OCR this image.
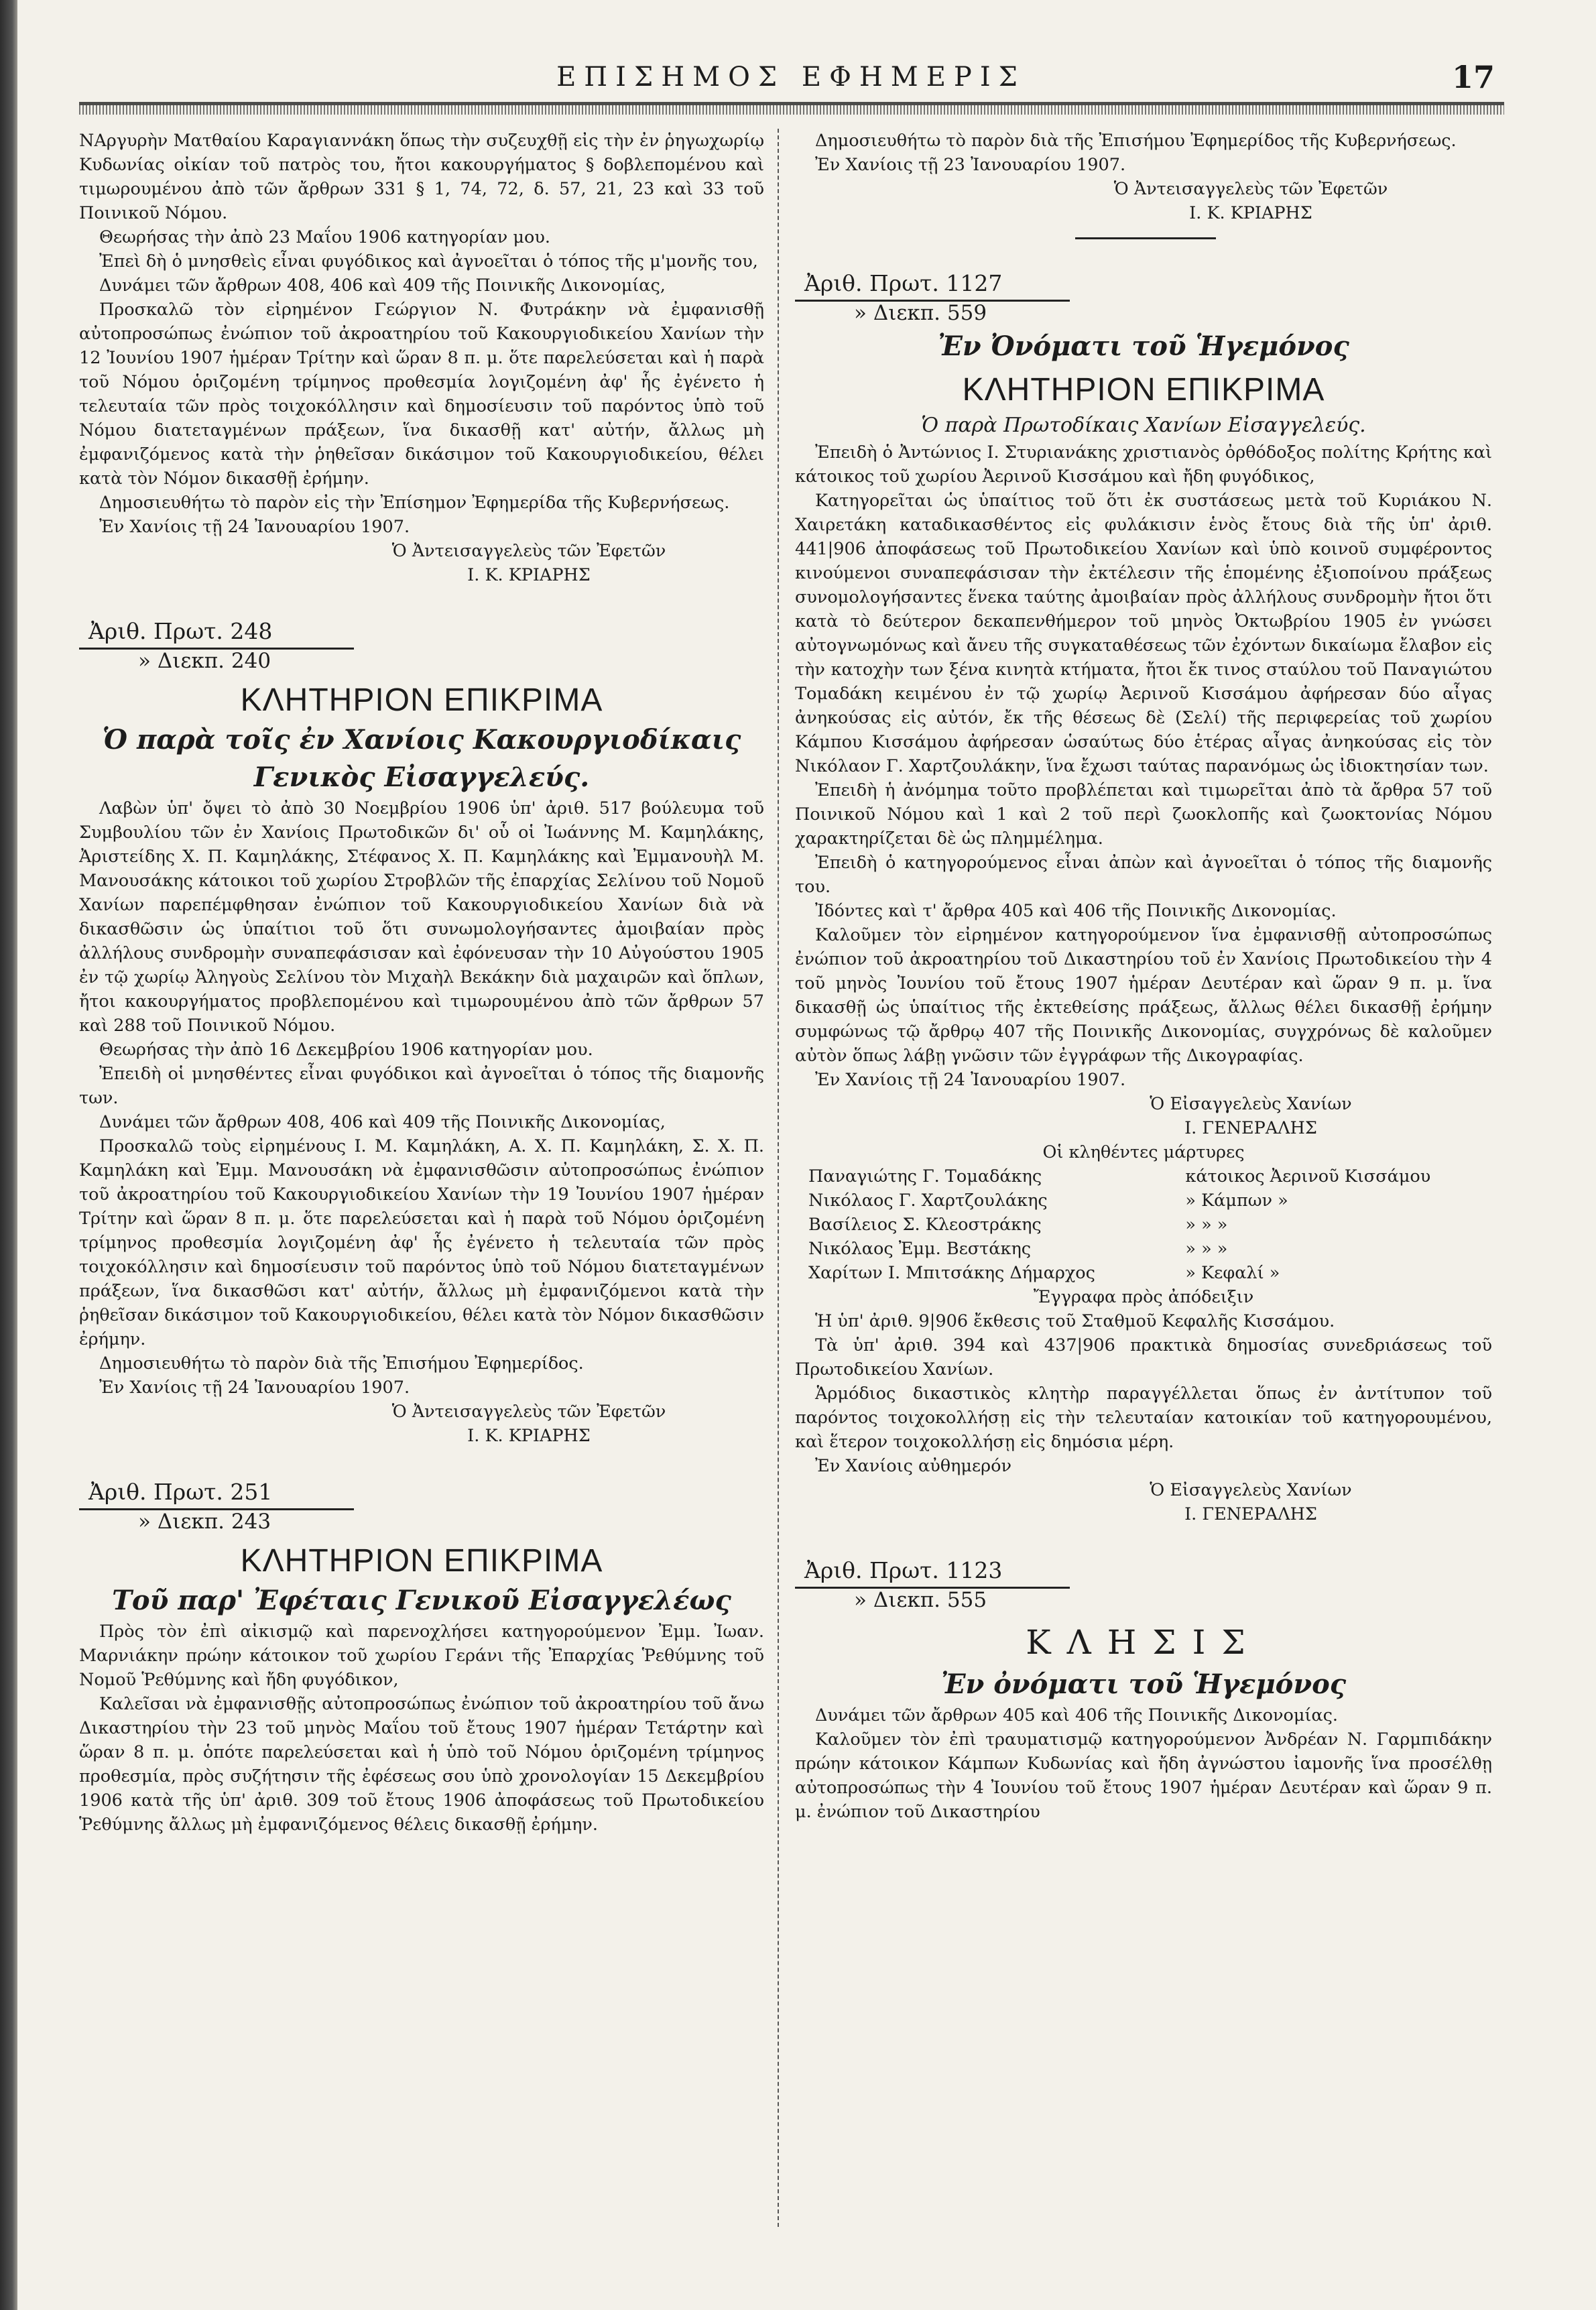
ΕΠΙΣΗΜΟΣ ΕΦΗΜΕΡΙΣ	17

ΝΑργυρὴν Ματθαίου Καραγιαννάκη ὅπως τὴν συζευχθῇ εἰς τὴν ἐν ῥηγωχωρίῳ Κυδωνίας οἰκίαν τοῦ πατρὸς του, ἤτοι κακουργήματος § δοβλεπομένου καὶ τιμωρουμένου ἀπὸ τῶν ἄρθρων 331 § 1, 74, 72, δ. 57, 21, 23 καὶ 33 τοῦ Ποινικοῦ Νόμου.

Θεωρήσας τὴν ἀπὸ 23 Μαΐου 1906 κατηγορίαν μου.

Ἐπεὶ δὴ ὁ μνησθεὶς εἶναι φυγόδικος καὶ ἀγνοεῖται ὁ τόπος τῆς μ'μονῆς του,

Δυνάμει τῶν ἄρθρων 408, 406 καὶ 409 τῆς Ποινικῆς Δικονομίας,

Προσκαλῶ τὸν εἰρημένον Γεώργιον Ν. Φυτράκην νὰ ἐμφανισθῇ αὐτοπροσώπως ἐνώπιον τοῦ ἀκροατηρίου τοῦ Κακουργιοδικείου Χανίων τὴν 12 Ἰουνίου 1907 ἡμέραν Τρίτην καὶ ὥραν 8 π. μ. ὅτε παρελεύσεται καὶ ἡ παρὰ τοῦ Νόμου ὁριζομένη τρίμηνος προθεσμία λογιζομένη ἀφ' ἧς ἐγένετο ἡ τελευταία τῶν πρὸς τοιχοκόλλησιν καὶ δημοσίευσιν τοῦ παρόντος ὑπὸ τοῦ Νόμου διατεταγμένων πράξεων, ἵνα δικασθῇ κατ' αὐτήν, ἄλλως μὴ ἐμφανιζόμενος κατὰ τὴν ῥηθεῖσαν δικάσιμον τοῦ Κακουργιοδικείου, θέλει κατὰ τὸν Νόμον δικασθῇ ἐρήμην.

Δημοσιευθήτω τὸ παρὸν εἰς τὴν Ἐπίσημον Ἐφημερίδα τῆς Κυβερνήσεως.

Ἐν Χανίοις τῇ 24 Ἰανουαρίου 1907.

Ὁ Ἀντεισαγγελεὺς τῶν Ἐφετῶν

Ι. Κ. ΚΡΙΑΡΗΣ

Ἀριθ. Πρωτ. 248
» Διεκπ. 240
ΚΛΗΤΗΡΙΟΝ ΕΠΙΚΡΙΜΑ
Ὁ παρὰ τοῖς ἐν Χανίοις Κακουργιοδίκαις
Γενικὸς Εἰσαγγελεύς.

Λαβὼν ὑπ' ὄψει τὸ ἀπὸ 30 Νοεμβρίου 1906 ὑπ' ἀριθ. 517 βούλευμα τοῦ Συμβουλίου τῶν ἐν Χανίοις Πρωτοδικῶν δι' οὗ οἱ Ἰωάννης Μ. Καμηλάκης, Ἀριστείδης Χ. Π. Καμηλάκης, Στέφανος Χ. Π. Καμηλάκης καὶ Ἐμμανουὴλ Μ. Μανουσάκης κάτοικοι τοῦ χωρίου Στροβλῶν τῆς ἐπαρχίας Σελίνου τοῦ Νομοῦ Χανίων παρεπέμφθησαν ἐνώπιον τοῦ Κακουργιοδικείου Χανίων διὰ νὰ δικασθῶσιν ὡς ὑπαίτιοι τοῦ ὅτι συνωμολογήσαντες ἀμοιβαίαν πρὸς ἀλλήλους συνδρομὴν συναπεφάσισαν καὶ ἐφόνευσαν τὴν 10 Αὐγούστου 1905 ἐν τῷ χωρίῳ Ἀληγοὺς Σελίνου τὸν Μιχαὴλ Βεκάκην διὰ μαχαιρῶν καὶ ὅπλων, ἤτοι κακουργήματος προβλεπομένου καὶ τιμωρουμένου ἀπὸ τῶν ἄρθρων 57 καὶ 288 τοῦ Ποινικοῦ Νόμου.

Θεωρήσας τὴν ἀπὸ 16 Δεκεμβρίου 1906 κατηγορίαν μου.

Ἐπειδὴ οἱ μνησθέντες εἶναι φυγόδικοι καὶ ἀγνοεῖται ὁ τόπος τῆς διαμονῆς των.

Δυνάμει τῶν ἄρθρων 408, 406 καὶ 409 τῆς Ποινικῆς Δικονομίας,

Προσκαλῶ τοὺς εἰρημένους Ι. Μ. Καμηλάκη, Α. Χ. Π. Καμηλάκη, Σ. Χ. Π. Καμηλάκη καὶ Ἐμμ. Μανουσάκη νὰ ἐμφανισθῶσιν αὐτοπροσώπως ἐνώπιον τοῦ ἀκροατηρίου τοῦ Κακουργιοδικείου Χανίων τὴν 19 Ἰουνίου 1907 ἡμέραν Τρίτην καὶ ὥραν 8 π. μ. ὅτε παρελεύσεται καὶ ἡ παρὰ τοῦ Νόμου ὁριζομένη τρίμηνος προθεσμία λογιζομένη ἀφ' ἧς ἐγένετο ἡ τελευταία τῶν πρὸς τοιχοκόλλησιν καὶ δημοσίευσιν τοῦ παρόντος ὑπὸ τοῦ Νόμου διατεταγμένων πράξεων, ἵνα δικασθῶσι κατ' αὐτήν, ἄλλως μὴ ἐμφανιζόμενοι κατὰ τὴν ῥηθεῖσαν δικάσιμον τοῦ Κακουργιοδικείου, θέλει κατὰ τὸν Νόμον δικασθῶσιν ἐρήμην.

Δημοσιευθήτω τὸ παρὸν διὰ τῆς Ἐπισήμου Ἐφημερίδος.

Ἐν Χανίοις τῇ 24 Ἰανουαρίου 1907.

Ὁ Ἀντεισαγγελεὺς τῶν Ἐφετῶν

Ι. Κ. ΚΡΙΑΡΗΣ

Ἀριθ. Πρωτ. 251
» Διεκπ. 243
ΚΛΗΤΗΡΙΟΝ ΕΠΙΚΡΙΜΑ
Τοῦ παρ' Ἐφέταις Γενικοῦ Εἰσαγγελέως

Πρὸς τὸν ἐπὶ αἰκισμῷ καὶ παρενοχλήσει κατηγορούμενον Ἐμμ. Ἰωαν. Μαρνιάκην πρώην κάτοικον τοῦ χωρίου Γεράνι τῆς Ἐπαρχίας Ῥεθύμνης τοῦ Νομοῦ Ῥεθύμνης καὶ ἤδη φυγόδικον,

Καλεῖσαι νὰ ἐμφανισθῇς αὐτοπροσώπως ἐνώπιον τοῦ ἀκροατηρίου τοῦ ἄνω Δικαστηρίου τὴν 23 τοῦ μηνὸς Μαΐου τοῦ ἔτους 1907 ἡμέραν Τετάρτην καὶ ὥραν 8 π. μ. ὁπότε παρελεύσεται καὶ ἡ ὑπὸ τοῦ Νόμου ὁριζομένη τρίμηνος προθεσμία, πρὸς συζήτησιν τῆς ἐφέσεως σου ὑπὸ χρονολογίαν 15 Δεκεμβρίου 1906 κατὰ τῆς ὑπ' ἀριθ. 309 τοῦ ἔτους 1906 ἀποφάσεως τοῦ Πρωτοδικείου Ῥεθύμνης ἄλλως μὴ ἐμφανιζόμενος θέλεις δικασθῇ ἐρήμην.

Δημοσιευθήτω τὸ παρὸν διὰ τῆς Ἐπισήμου Ἐφημερίδος τῆς Κυβερνήσεως.

Ἐν Χανίοις τῇ 23 Ἰανουαρίου 1907.

Ὁ Ἀντεισαγγελεὺς τῶν Ἐφετῶν

Ι. Κ. ΚΡΙΑΡΗΣ

Ἀριθ. Πρωτ. 1127
» Διεκπ. 559
Ἐν Ὀνόματι τοῦ Ἡγεμόνος
ΚΛΗΤΗΡΙΟΝ ΕΠΙΚΡΙΜΑ
Ὁ παρὰ Πρωτοδίκαις Χανίων Εἰσαγγελεύς.

Ἐπειδὴ ὁ Ἀντώνιος Ι. Στυριανάκης χριστιανὸς ὀρθόδοξος πολίτης Κρήτης καὶ κάτοικος τοῦ χωρίου Ἀερινοῦ Κισσάμου καὶ ἤδη φυγόδικος,

Κατηγορεῖται ὡς ὑπαίτιος τοῦ ὅτι ἐκ συστάσεως μετὰ τοῦ Κυριάκου Ν. Χαιρετάκη καταδικασθέντος εἰς φυλάκισιν ἑνὸς ἔτους διὰ τῆς ὑπ' ἀριθ. 441|906 ἀποφάσεως τοῦ Πρωτοδικείου Χανίων καὶ ὑπὸ κοινοῦ συμφέροντος κινούμενοι συναπεφάσισαν τὴν ἐκτέλεσιν τῆς ἑπομένης ἐξιοποίνου πράξεως συνομολογήσαντες ἕνεκα ταύτης ἀμοιβαίαν πρὸς ἀλλήλους συνδρομὴν ἤτοι ὅτι κατὰ τὸ δεύτερον δεκαπενθήμερον τοῦ μηνὸς Ὀκτωβρίου 1905 ἐν γνώσει αὐτογνωμόνως καὶ ἄνευ τῆς συγκαταθέσεως τῶν ἐχόντων δικαίωμα ἔλαβον εἰς τὴν κατοχὴν των ξένα κινητὰ κτήματα, ἤτοι ἔκ τινος σταύλου τοῦ Παναγιώτου Τομαδάκη κειμένου ἐν τῷ χωρίῳ Ἀερινοῦ Κισσάμου ἀφήρεσαν δύο αἶγας ἀνηκούσας εἰς αὐτόν, ἔκ τῆς θέσεως δὲ (Σελί) τῆς περιφερείας τοῦ χωρίου Κάμπου Κισσάμου ἀφήρεσαν ὡσαύτως δύο ἑτέρας αἶγας ἀνηκούσας εἰς τὸν Νικόλαον Γ. Χαρτζουλάκην, ἵνα ἔχωσι ταύτας παρανόμως ὡς ἰδιοκτησίαν των.

Ἐπειδὴ ἡ ἀνόμημα τοῦτο προβλέπεται καὶ τιμωρεῖται ἀπὸ τὰ ἄρθρα 57 τοῦ Ποινικοῦ Νόμου καὶ 1 καὶ 2 τοῦ περὶ ζωοκλοπῆς καὶ ζωοκτονίας Νόμου χαρακτηρίζεται δὲ ὡς πλημμέλημα.

Ἐπειδὴ ὁ κατηγορούμενος εἶναι ἀπὼν καὶ ἀγνοεῖται ὁ τόπος τῆς διαμονῆς του.

Ἰδόντες καὶ τ' ἄρθρα 405 καὶ 406 τῆς Ποινικῆς Δικονομίας.

Καλοῦμεν τὸν εἰρημένον κατηγορούμενον ἵνα ἐμφανισθῇ αὐτοπροσώπως ἐνώπιον τοῦ ἀκροατηρίου τοῦ Δικαστηρίου τοῦ ἐν Χανίοις Πρωτοδικείου τὴν 4 τοῦ μηνὸς Ἰουνίου τοῦ ἔτους 1907 ἡμέραν Δευτέραν καὶ ὥραν 9 π. μ. ἵνα δικασθῇ ὡς ὑπαίτιος τῆς ἐκτεθείσης πράξεως, ἄλλως θέλει δικασθῇ ἐρήμην συμφώνως τῷ ἄρθρῳ 407 τῆς Ποινικῆς Δικονομίας, συγχρόνως δὲ καλοῦμεν αὐτὸν ὅπως λάβῃ γνῶσιν τῶν ἐγγράφων τῆς Δικογραφίας.

Ἐν Χανίοις τῇ 24 Ἰανουαρίου 1907.

Ὁ Εἰσαγγελεὺς Χανίων

Ι. ΓΕΝΕΡΑΛΗΣ

Οἱ κληθέντες μάρτυρες

Παναγιώτης Γ. Τομαδάκης	κάτοικος Ἀερινοῦ Κισσάμου
Νικόλαος Γ. Χαρτζουλάκης	» Κάμπων »
Βασίλειος Σ. Κλεοστράκης	» » »
Νικόλαος Ἐμμ. Βεστάκης	» » »
Χαρίτων Ι. Μπιτσάκης Δήμαρχος	» Κεφαλί »

Ἔγγραφα πρὸς ἀπόδειξιν

Ἡ ὑπ' ἀριθ. 9|906 ἔκθεσις τοῦ Σταθμοῦ Κεφαλῆς Κισσάμου.

Τὰ ὑπ' ἀριθ. 394 καὶ 437|906 πρακτικὰ δημοσίας συνεδριάσεως τοῦ Πρωτοδικείου Χανίων.

Ἁρμόδιος δικαστικὸς κλητὴρ παραγγέλλεται ὅπως ἐν ἀντίτυπον τοῦ παρόντος τοιχοκολλήσῃ εἰς τὴν τελευταίαν κατοικίαν τοῦ κατηγορουμένου, καὶ ἕτερον τοιχοκολλήσῃ εἰς δημόσια μέρη.

Ἐν Χανίοις αὐθημερόν

Ὁ Εἰσαγγελεὺς Χανίων

Ι. ΓΕΝΕΡΑΛΗΣ

Ἀριθ. Πρωτ. 1123
» Διεκπ. 555
ΚΛΗΣΙΣ
Ἐν ὀνόματι τοῦ Ἡγεμόνος

Δυνάμει τῶν ἄρθρων 405 καὶ 406 τῆς Ποινικῆς Δικονομίας.

Καλοῦμεν τὸν ἐπὶ τραυματισμῷ κατηγορούμενον Ἀνδρέαν Ν. Γαρμπιδάκην πρώην κάτοικον Κάμπων Κυδωνίας καὶ ἤδη ἀγνώστου ἰαμονῆς ἵνα προσέλθῃ αὐτοπροσώπως τὴν 4 Ἰουνίου τοῦ ἔτους 1907 ἡμέραν Δευτέραν καὶ ὥραν 9 π. μ. ἐνώπιον τοῦ Δικαστηρίου
